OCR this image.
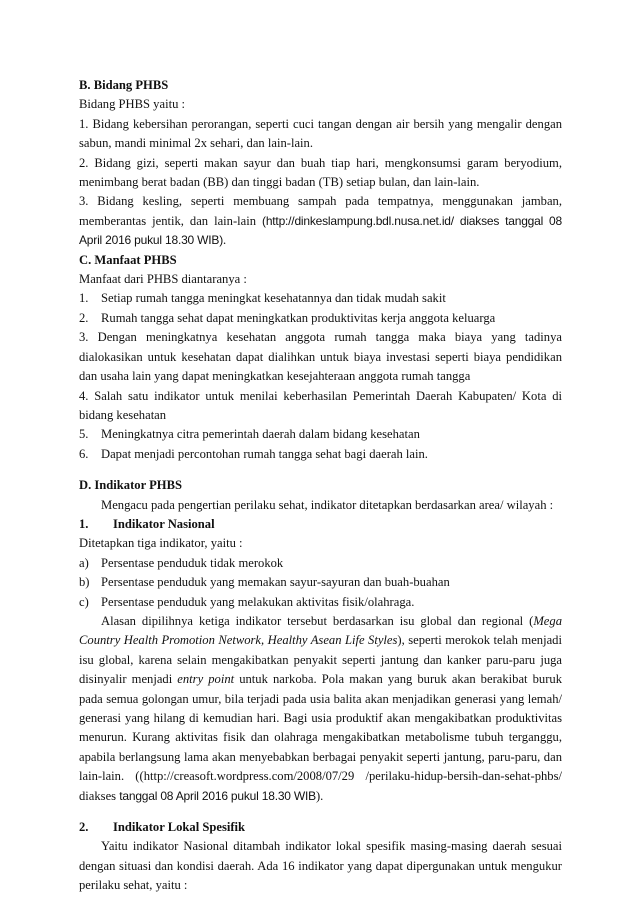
B. Bidang PHBS

Bidang PHBS yaitu :

1. Bidang kebersihan perorangan, seperti cuci tangan dengan air bersih yang mengalir dengan sabun, mandi minimal 2x sehari, dan lain-lain.

2. Bidang gizi, seperti makan sayur dan buah tiap hari, mengkonsumsi garam beryodium, menimbang berat badan (BB) dan tinggi badan (TB) setiap bulan, dan lain-lain.

3. Bidang kesling, seperti membuang sampah pada tempatnya, menggunakan jamban, memberantas jentik, dan lain-lain (http://dinkeslampung.bdl.nusa.net.id/ diakses tanggal 08 April 2016 pukul 18.30 WIB).

C. Manfaat PHBS

Manfaat dari PHBS diantaranya :

1. Setiap rumah tangga meningkat kesehatannya dan tidak mudah sakit
2. Rumah tangga sehat dapat meningkatkan produktivitas kerja anggota keluarga

3. Dengan meningkatnya kesehatan anggota rumah tangga maka biaya yang tadinya dialokasikan untuk kesehatan dapat dialihkan untuk biaya investasi seperti biaya pendidikan dan usaha lain yang dapat meningkatkan kesejahteraan anggota rumah tangga

4. Salah satu indikator untuk menilai keberhasilan Pemerintah Daerah Kabupaten/ Kota di bidang kesehatan

5. Meningkatnya citra pemerintah daerah dalam bidang kesehatan
6. Dapat menjadi percontohan rumah tangga sehat bagi daerah lain.

D. Indikator PHBS

Mengacu pada pengertian perilaku sehat, indikator ditetapkan berdasarkan area/ wilayah :

1.	Indikator Nasional

Ditetapkan tiga indikator, yaitu :

a) Persentase penduduk tidak merokok
b) Persentase penduduk yang memakan sayur-sayuran dan buah-buahan
c) Persentase penduduk yang melakukan aktivitas fisik/olahraga.

Alasan dipilihnya ketiga indikator tersebut berdasarkan isu global dan regional (Mega Country Health Promotion Network, Healthy Asean Life Styles), seperti merokok telah menjadi isu global, karena selain mengakibatkan penyakit seperti jantung dan kanker paru-paru juga disinyalir menjadi entry point untuk narkoba. Pola makan yang buruk akan berakibat buruk pada semua golongan umur, bila terjadi pada usia balita akan menjadikan generasi yang lemah/ generasi yang hilang di kemudian hari. Bagi usia produktif akan mengakibatkan produktivitas menurun. Kurang aktivitas fisik dan olahraga mengakibatkan metabolisme tubuh terganggu, apabila berlangsung lama akan menyebabkan berbagai penyakit seperti jantung, paru-paru, dan lain-lain. ((http://creasoft.wordpress.com/2008/07/29 /perilaku-hidup-bersih-dan-sehat-phbs/ diakses tanggal 08 April 2016 pukul 18.30 WIB).

2.	Indikator Lokal Spesifik

Yaitu indikator Nasional ditambah indikator lokal spesifik masing-masing daerah sesuai dengan situasi dan kondisi daerah. Ada 16 indikator yang dapat dipergunakan untuk mengukur perilaku sehat, yaitu :
